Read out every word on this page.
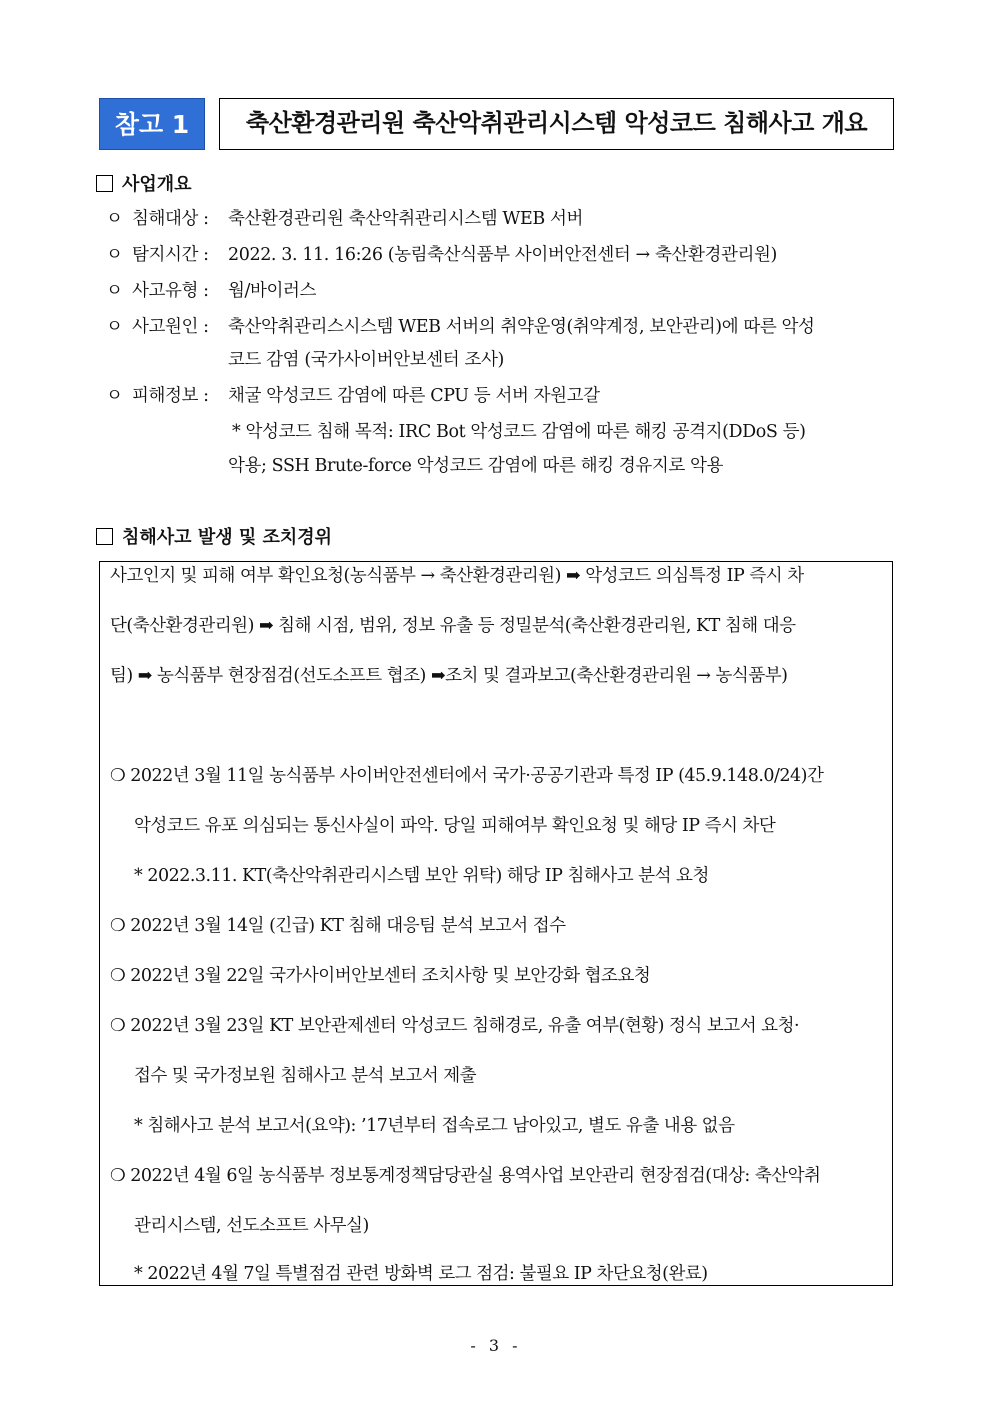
참고 1	축산환경관리원 축산악취관리시스템 악성코드 침해사고 개요
사업개요
ㅇ 침해대상 : 축산환경관리원 축산악취관리시스템 WEB 서버
ㅇ 탐지시간 : 2022. 3. 11. 16:26 (농림축산식품부 사이버안전센터 → 축산환경관리원)
ㅇ 사고유형 : 웜/바이러스
ㅇ 사고원인 : 축산악취관리스시스템 WEB 서버의 취약운영(취약계정, 보안관리)에 따른 악성
코드 감염 (국가사이버안보센터 조사)
ㅇ 피해정보 : 채굴 악성코드 감염에 따른 CPU 등 서버 자원고갈
* 악성코드 침해 목적: IRC Bot 악성코드 감염에 따른 해킹 공격지(DDoS 등)
악용; SSH Brute-force 악성코드 감염에 따른 해킹 경유지로 악용
침해사고 발생 및 조치경위
사고인지 및 피해 여부 확인요청(농식품부 → 축산환경관리원) ➡ 악성코드 의심특정 IP 즉시 차
단(축산환경관리원) ➡ 침해 시점, 범위, 정보 유출 등 정밀분석(축산환경관리원, KT 침해 대응
팀) ➡ 농식품부 현장점검(선도소프트 협조) ➡조치 및 결과보고(축산환경관리원 → 농식품부)
❍ 2022년 3월 11일 농식품부 사이버안전센터에서 국가·공공기관과 특정 IP (45.9.148.0/24)간
악성코드 유포 의심되는 통신사실이 파악. 당일 피해여부 확인요청 및 해당 IP 즉시 차단
* 2022.3.11. KT(축산악취관리시스템 보안 위탁) 해당 IP 침해사고 분석 요청
❍ 2022년 3월 14일 (긴급) KT 침해 대응팀 분석 보고서 접수
❍ 2022년 3월 22일 국가사이버안보센터 조치사항 및 보안강화 협조요청
❍ 2022년 3월 23일 KT 보안관제센터 악성코드 침해경로, 유출 여부(현황) 정식 보고서 요청·
접수 및 국가정보원 침해사고 분석 보고서 제출
* 침해사고 분석 보고서(요약): ’17년부터 접속로그 남아있고, 별도 유출 내용 없음
❍ 2022년 4월 6일 농식품부 정보통계정책담당관실 용역사업 보안관리 현장점검(대상: 축산악취
관리시스템, 선도소프트 사무실)
* 2022년 4월 7일 특별점검 관련 방화벽 로그 점검: 불필요 IP 차단요청(완료)
- 3 -
